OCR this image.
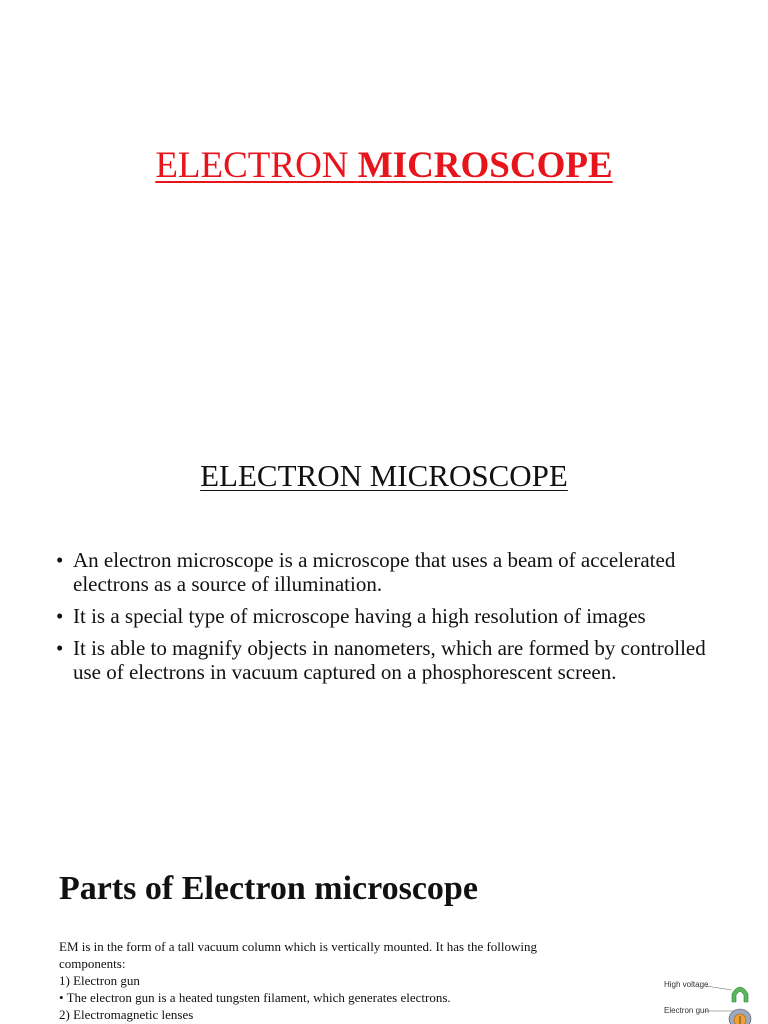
ELECTRON MICROSCOPE
ELECTRON MICROSCOPE
• An electron microscope is a microscope that uses a beam of accelerated electrons as a source of illumination.
• It is a special type of microscope having a high resolution of images
• It is able to magnify objects in nanometers, which are formed by controlled use of electrons in vacuum captured on a phosphorescent screen.
Parts of Electron microscope

EM is in the form of a tall vacuum column which is vertically mounted. It has the following components:

1) Electron gun

• The electron gun is a heated tungsten filament, which generates electrons.

2) Electromagnetic lenses

High voltage
Electron gun
